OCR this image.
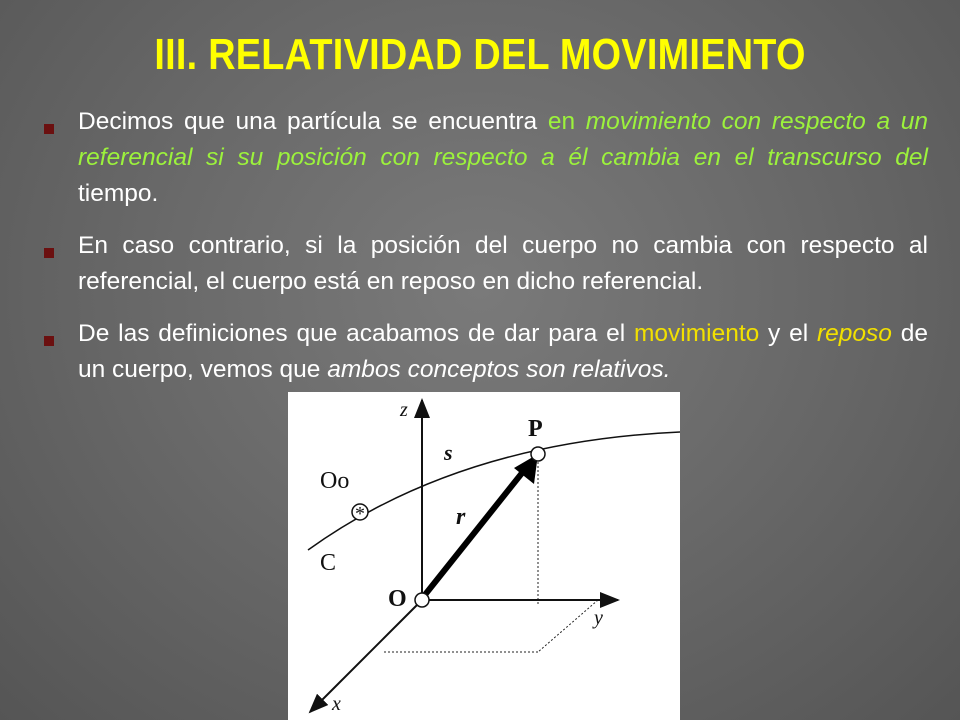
III. RELATIVIDAD DEL MOVIMIENTO
Decimos que una partícula se encuentra en movimiento con respecto a un referencial si su posición con respecto a él cambia en el transcurso del tiempo.
En caso contrario, si la posición del cuerpo no cambia con respecto al referencial, el cuerpo está en reposo en dicho referencial.
De las definiciones que acabamos de dar para el movimiento y el reposo de un cuerpo, vemos que ambos conceptos son relativos.
*
z
P
s
Oo
r
C
O
y
x
